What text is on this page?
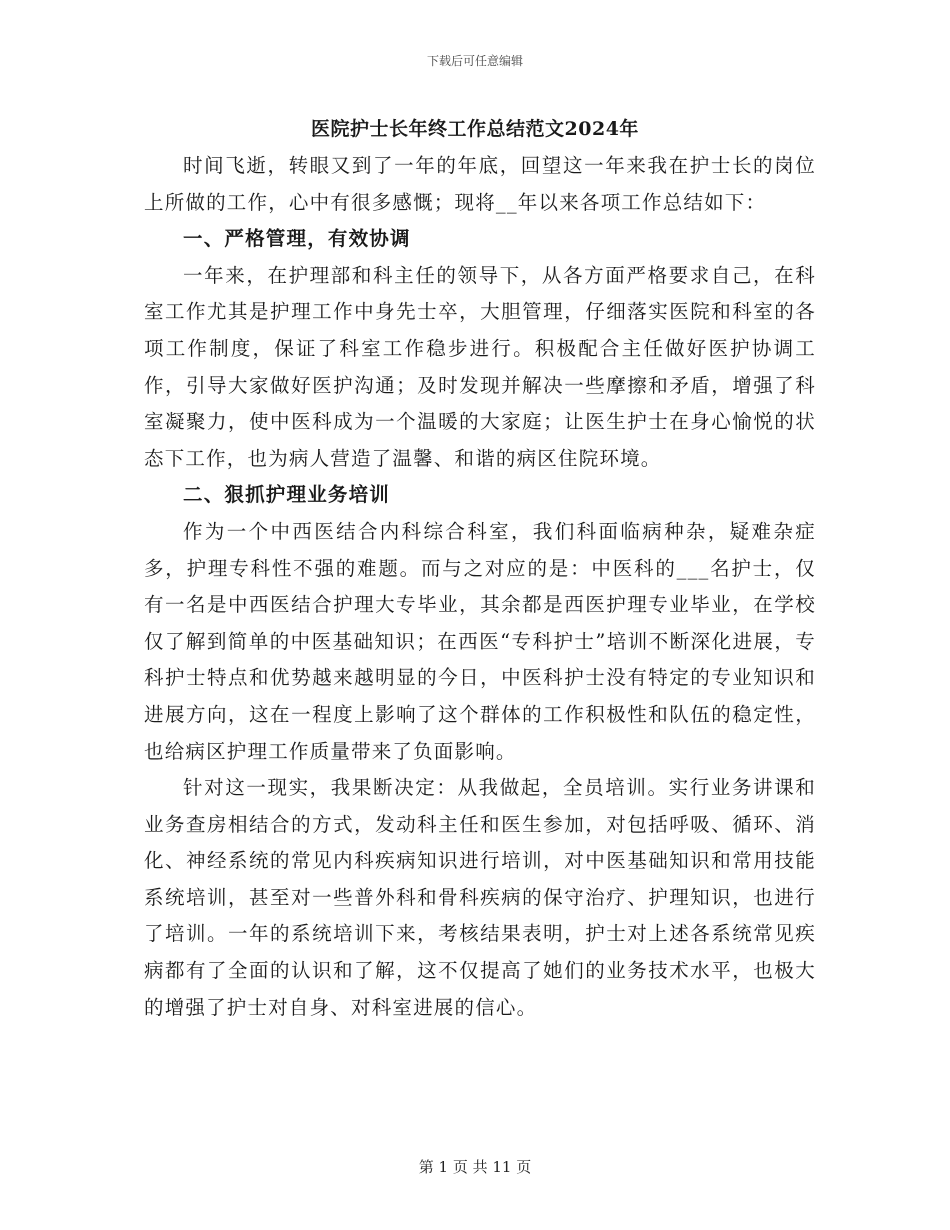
下载后可任意编辑
医院护士长年终工作总结范文2024年

时间飞逝，转眼又到了一年的年底，回望这一年来我在护士长的岗位上所做的工作，心中有很多感慨；现将__年以来各项工作总结如下：

一、严格管理，有效协调

一年来，在护理部和科主任的领导下，从各方面严格要求自己，在科室工作尤其是护理工作中身先士卒，大胆管理，仔细落实医院和科室的各项工作制度，保证了科室工作稳步进行。积极配合主任做好医护协调工作，引导大家做好医护沟通；及时发现并解决一些摩擦和矛盾，增强了科室凝聚力，使中医科成为一个温暖的大家庭；让医生护士在身心愉悦的状态下工作，也为病人营造了温馨、和谐的病区住院环境。

二、狠抓护理业务培训

作为一个中西医结合内科综合科室，我们科面临病种杂，疑难杂症多，护理专科性不强的难题。而与之对应的是：中医科的___名护士，仅有一名是中西医结合护理大专毕业，其余都是西医护理专业毕业，在学校仅了解到简单的中医基础知识；在西医“专科护士”培训不断深化进展，专科护士特点和优势越来越明显的今日，中医科护士没有特定的专业知识和进展方向，这在一程度上影响了这个群体的工作积极性和队伍的稳定性，也给病区护理工作质量带来了负面影响。

针对这一现实，我果断决定：从我做起，全员培训。实行业务讲课和业务查房相结合的方式，发动科主任和医生参加，对包括呼吸、循环、消化、神经系统的常见内科疾病知识进行培训，对中医基础知识和常用技能系统培训，甚至对一些普外科和骨科疾病的保守治疗、护理知识，也进行了培训。一年的系统培训下来，考核结果表明，护士对上述各系统常见疾病都有了全面的认识和了解，这不仅提高了她们的业务技术水平，也极大的增强了护士对自身、对科室进展的信心。

第 1 页 共 11 页
